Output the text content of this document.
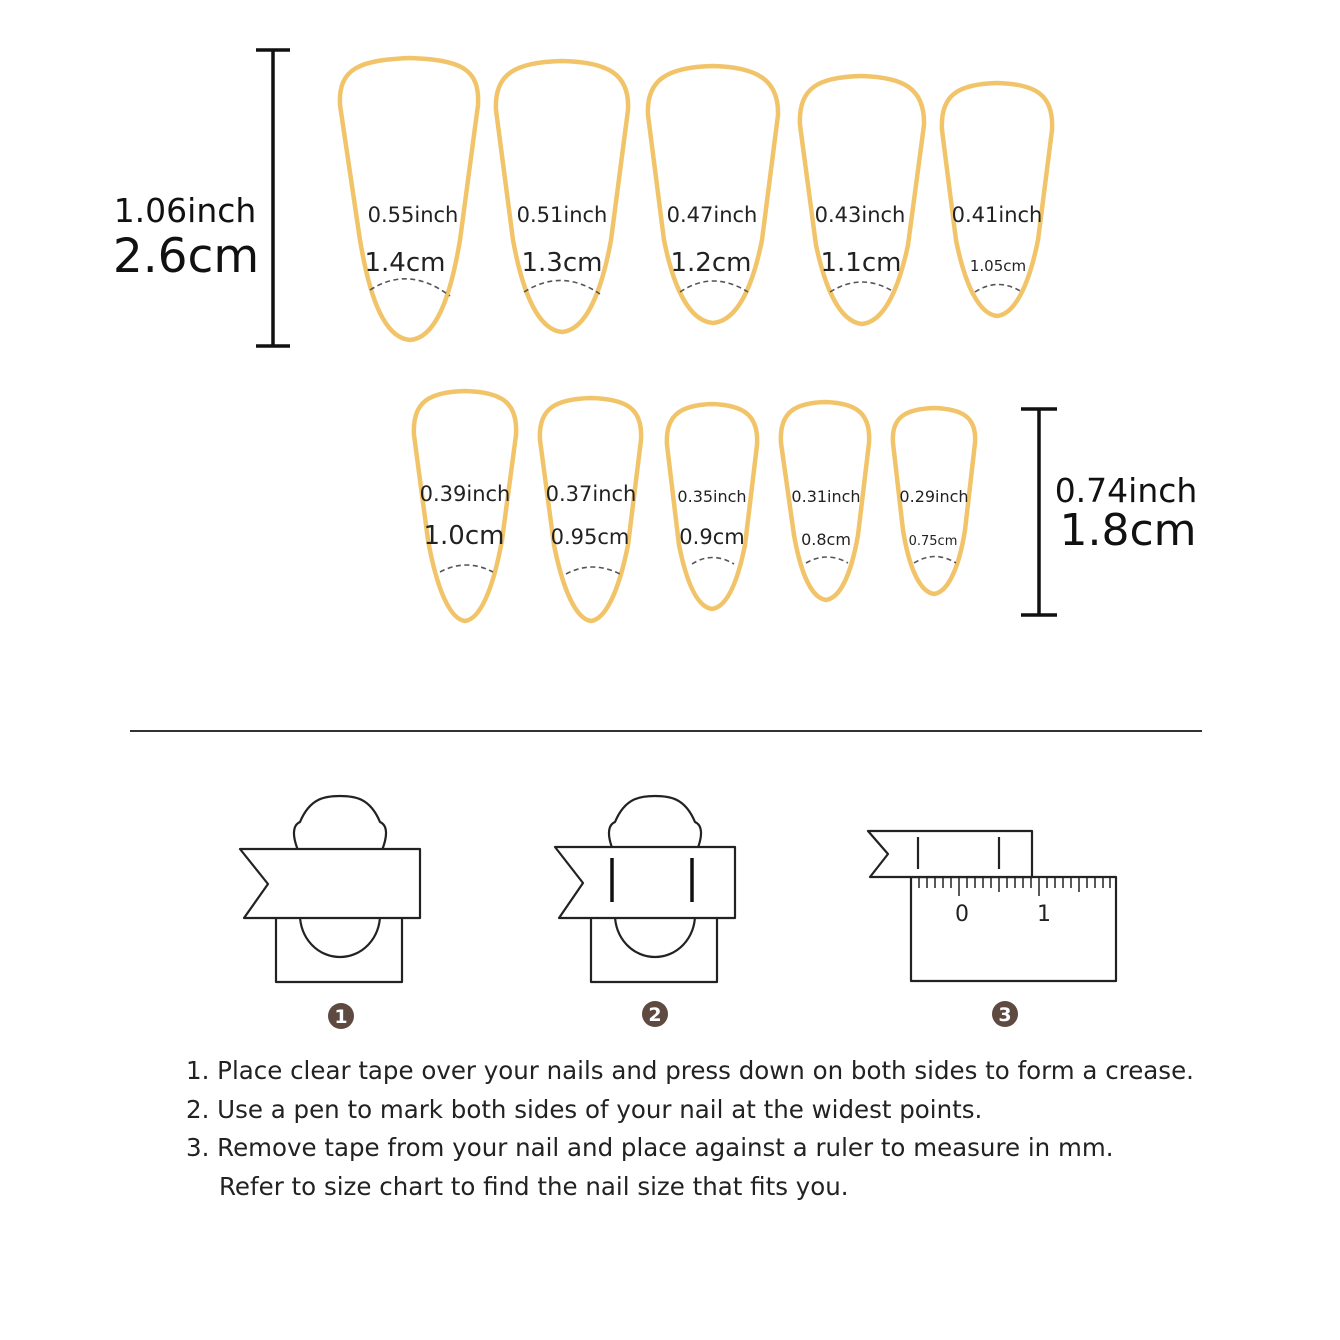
1.06inch
2.6cm
0.55inch
1.4cm
0.51inch
1.3cm
0.47inch
1.2cm
0.43inch
1.1cm
0.41inch
1.05cm
0.39inch
1.0cm
0.37inch
0.95cm
0.35inch
0.9cm
0.31inch
0.8cm
0.29inch
0.75cm
0.74inch
1.8cm
1	2
0	1
3
1. Place clear tape over your nails and press down on both sides to form a crease.
2. Use a pen to mark both sides of your nail at the widest points.
3. Remove tape from your nail and place against a ruler to measure in mm.
Refer to size chart to find the nail size that fits you.
